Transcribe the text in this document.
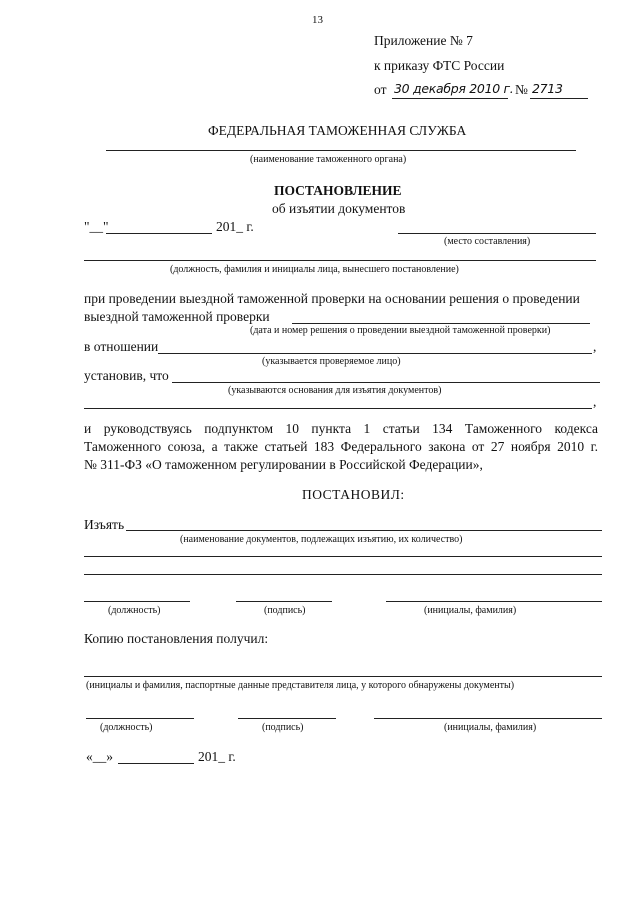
13
Приложение № 7
к приказу ФТС России
от 30 декабря 2010 г. № 2713
ФЕДЕРАЛЬНАЯ ТАМОЖЕННАЯ СЛУЖБА
(наименование таможенного органа)
ПОСТАНОВЛЕНИЕ
об изъятии документов
"__"	201_ г.
(место составления)
(должность, фамилия и инициалы лица, вынесшего постановление)
при проведении выездной таможенной проверки на основании решения о проведении
выездной таможенной проверки
(дата и номер решения о проведении выездной таможенной проверки)
в отношении	,
(указывается проверяемое лицо)
установив, что
(указываются основания для изъятия документов)
,
и руководствуясь подпунктом 10 пункта 1 статьи 134 Таможенного кодекса
Таможенного союза, а также статьей 183 Федерального закона от 27 ноября 2010 г.
№ 311-ФЗ «О таможенном регулировании в Российской Федерации»,
ПОСТАНОВИЛ:
Изъять
(наименование документов, подлежащих изъятию, их количество)
(должность)	(подпись)	(инициалы, фамилия)
Копию постановления получил:
(инициалы и фамилия, паспортные данные представителя лица, у которого обнаружены документы)
(должность)	(подпись)	(инициалы, фамилия)
«__»	201_ г.
